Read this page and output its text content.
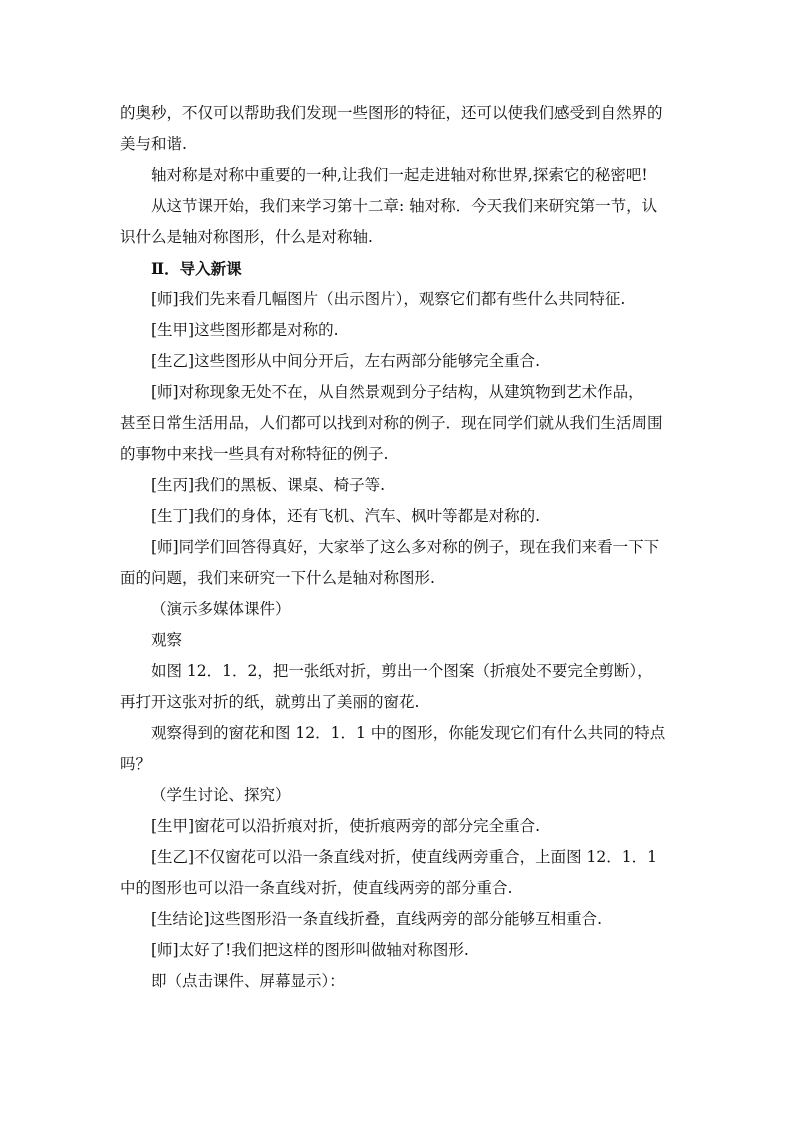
的奥秒，不仅可以帮助我们发现一些图形的特征，还可以使我们感受到自然界的
美与和谐.
轴对称是对称中重要的一种,让我们一起走进轴对称世界,探索它的秘密吧!
从这节课开始，我们来学习第十二章: 轴对称．今天我们来研究第一节，认
识什么是轴对称图形，什么是对称轴.
Ⅱ．导入新课
[师]我们先来看几幅图片（出示图片），观察它们都有些什么共同特征.
[生甲]这些图形都是对称的.
[生乙]这些图形从中间分开后，左右两部分能够完全重合.
[师]对称现象无处不在，从自然景观到分子结构，从建筑物到艺术作品，
甚至日常生活用品，人们都可以找到对称的例子．现在同学们就从我们生活周围
的事物中来找一些具有对称特征的例子.
[生丙]我们的黑板、课桌、椅子等.
[生丁]我们的身体，还有飞机、汽车、枫叶等都是对称的.
[师]同学们回答得真好，大家举了这么多对称的例子，现在我们来看一下下
面的问题，我们来研究一下什么是轴对称图形.
（演示多媒体课件）
观察
如图 12．1．2，把一张纸对折，剪出一个图案（折痕处不要完全剪断），
再打开这张对折的纸，就剪出了美丽的窗花.
观察得到的窗花和图 12．1．1 中的图形，你能发现它们有什么共同的特点
吗？
（学生讨论、探究）
[生甲]窗花可以沿折痕对折，使折痕两旁的部分完全重合.
[生乙]不仅窗花可以沿一条直线对折，使直线两旁重合，上面图 12．1．1
中的图形也可以沿一条直线对折，使直线两旁的部分重合.
[生结论]这些图形沿一条直线折叠，直线两旁的部分能够互相重合.
[师]太好了!我们把这样的图形叫做轴对称图形.
即（点击课件、屏幕显示）：
